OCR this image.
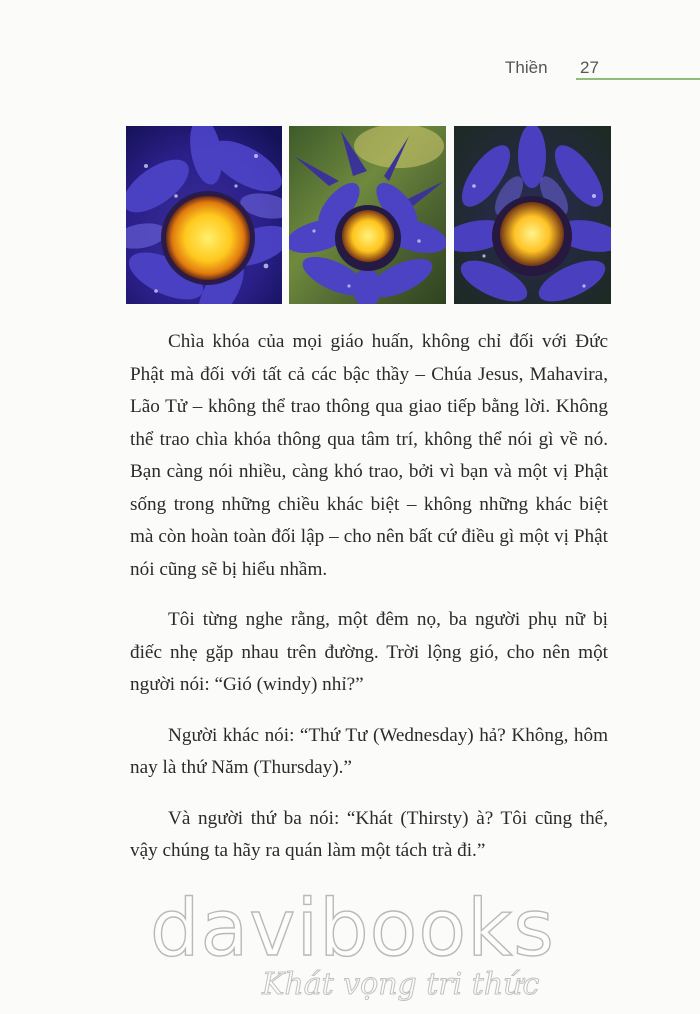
Thiền 27

Chìa khóa của mọi giáo huấn, không chỉ đối với Đức Phật mà đối với tất cả các bậc thầy – Chúa Jesus, Mahavira, Lão Tử – không thể trao thông qua giao tiếp bằng lời. Không thể trao chìa khóa thông qua tâm trí, không thể nói gì về nó. Bạn càng nói nhiều, càng khó trao, bởi vì bạn và một vị Phật sống trong những chiều khác biệt – không những khác biệt mà còn hoàn toàn đối lập – cho nên bất cứ điều gì một vị Phật nói cũng sẽ bị hiểu nhầm.

Tôi từng nghe rằng, một đêm nọ, ba người phụ nữ bị điếc nhẹ gặp nhau trên đường. Trời lộng gió, cho nên một người nói: “Gió (windy) nhỉ?”

Người khác nói: “Thứ Tư (Wednesday) hả? Không, hôm nay là thứ Năm (Thursday).”

Và người thứ ba nói: “Khát (Thirsty) à? Tôi cũng thế, vậy chúng ta hãy ra quán làm một tách trà đi.”

davibooks
Khát vọng tri thức
